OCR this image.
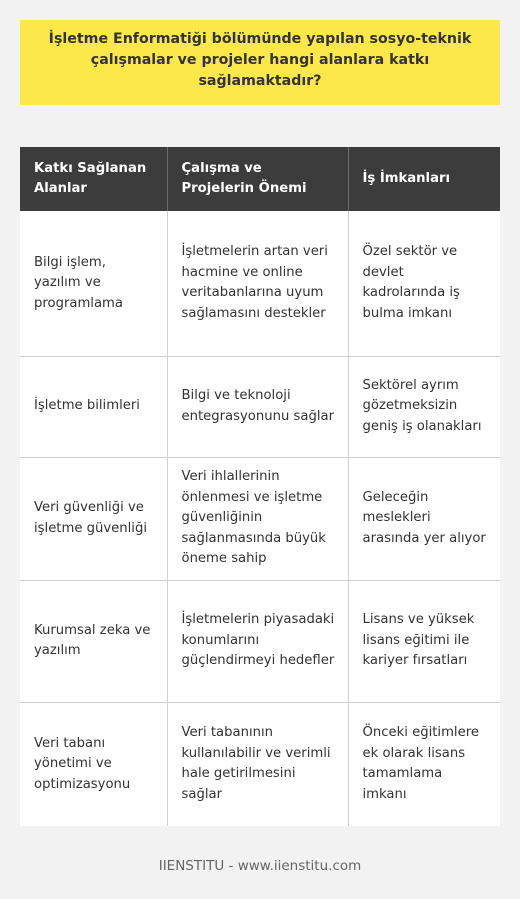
İşletme Enformatiği bölümünde yapılan sosyo-teknik çalışmalar ve projeler hangi alanlara katkı sağlamaktadır?
Katkı Sağlanan Alanlar	Çalışma ve Projelerin Önemi	İş İmkanları
Bilgi işlem, yazılım ve programlama	İşletmelerin artan veri hacmine ve online veritabanlarına uyum sağlamasını destekler	Özel sektör ve devlet kadrolarında iş bulma imkanı
İşletme bilimleri	Bilgi ve teknoloji entegrasyonunu sağlar	Sektörel ayrım gözetmeksizin geniş iş olanakları
Veri güvenliği ve işletme güvenliği	Veri ihlallerinin önlenmesi ve işletme güvenliğinin sağlanmasında büyük öneme sahip	Geleceğin meslekleri arasında yer alıyor
Kurumsal zeka ve yazılım	İşletmelerin piyasadaki konumlarını güçlendirmeyi hedefler	Lisans ve yüksek lisans eğitimi ile kariyer fırsatları
Veri tabanı yönetimi ve optimizasyonu	Veri tabanının kullanılabilir ve verimli hale getirilmesini sağlar	Önceki eğitimlere ek olarak lisans tamamlama imkanı
IIENSTITU - www.iienstitu.com
